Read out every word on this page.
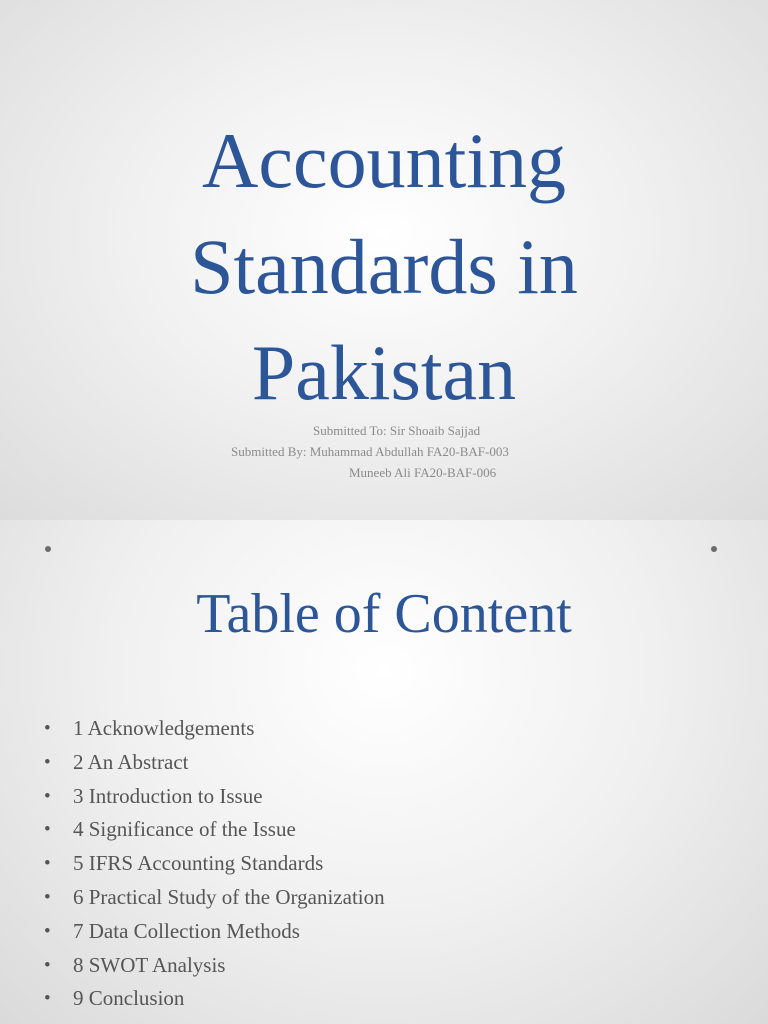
Accounting
Standards in
Pakistan
Submitted To: Sir Shoaib Sajjad
Submitted By: Muhammad Abdullah FA20-BAF-003
Muneeb Ali FA20-BAF-006
Table of Content
• 1 Acknowledgements
• 2 An Abstract
• 3 Introduction to Issue
• 4 Significance of the Issue
• 5 IFRS Accounting Standards
• 6 Practical Study of the Organization
• 7 Data Collection Methods
• 8 SWOT Analysis
• 9 Conclusion
